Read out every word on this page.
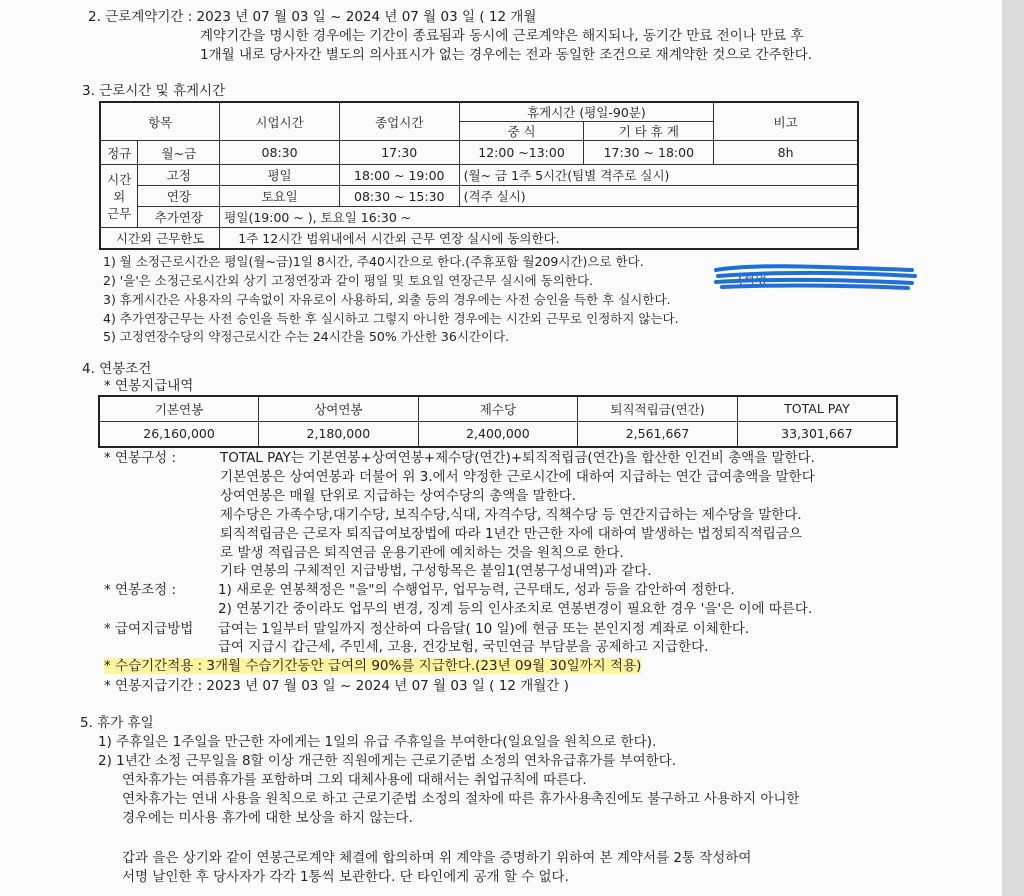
2. 근로계약기간 : 2023 년 07 월 03 일 ~ 2024 년 07 월 03 일 ( 12 개월
계약기간을 명시한 경우에는 기간이 종료됨과 동시에 근로계약은 해지되나, 동기간 만료 전이나 만료 후
1개월 내로 당사자간 별도의 의사표시가 없는 경우에는 전과 동일한 조건으로 재계약한 것으로 간주한다.
3. 근로시간 및 휴게시간
항목		시업시간	종업시간	휴게시간 (평일-90분)		비고
				중 식	기 타 휴 게	
정규	월~금	08:30	17:30	12:00 ~13:00	17:30 ~ 18:00	8h

시간
외
근무	고정	평일	18:00 ~ 19:00	(월~ 금 1주 5시간(팀별 격주로 실시)		
	연장	토요일	08:30 ~ 15:30	(격주 실시)		
	추가연장	평일(19:00 ~ ), 토요일 16:30 ~				
시간외 근무한도		1주 12시간 범위내에서 시간외 근무 연장 실시에 동의한다.				
1) 월 소정근로시간은 평일(월~금)1일 8시간, 주40시간으로 한다.(주휴포함 월209시간)으로 한다.
2) '을'은 소정근로시간외 상기 고정연장과 같이 평일 및 토요일 연장근무 실시에 동의한다.
3) 휴게시간은 사용자의 구속없이 자유로이 사용하되, 외출 등의 경우에는 사전 승인을 득한 후 실시한다.
4) 추가연장근무는 사전 승인을 득한 후 실시하고 그렇지 아니한 경우에는 시간외 근무로 인정하지 않는다.
5) 고정연장수당의 약정근로시간 수는 24시간을 50% 가산한 36시간이다.
(서명
4. 연봉조건
* 연봉지급내역
기본연봉	상여연봉	제수당	퇴직적립금(연간)	TOTAL PAY
26,160,000	2,180,000	2,400,000	2,561,667	33,301,667
* 연봉구성 :	TOTAL PAY는 기본연봉+상여연봉+제수당(연간)+퇴직적립금(연간)을 합산한 인건비 총액을 말한다.
기본연봉은 상여연봉과 더불어 위 3.에서 약정한 근로시간에 대하여 지급하는 연간 급여총액을 말한다
상여연봉은 매월 단위로 지급하는 상여수당의 총액을 말한다.
제수당은 가족수당,대기수당, 보직수당,식대, 자격수당, 직책수당 등 연간지급하는 제수당을 말한다.
퇴직적립금은 근로자 퇴직급여보장법에 따라 1년간 만근한 자에 대하여 발생하는 법정퇴직적립금으
로 발생 적립금은 퇴직연금 운용기관에 예치하는 것을 원칙으로 한다.
기타 연봉의 구체적인 지급방법, 구성항목은 붙임1(연봉구성내역)과 같다.
* 연봉조정 :	1) 새로운 연봉책정은 "을"의 수행업무, 업무능력, 근무태도, 성과 등을 감안하여 정한다.
2) 연봉기간 중이라도 업무의 변경, 징계 등의 인사조치로 연봉변경이 필요한 경우 '을'은 이에 따른다.
* 급여지급방법 급여는 1일부터 말일까지 정산하여 다음달( 10 일)에 현금 또는 본인지정 계좌로 이체한다.
급여 지급시 갑근세, 주민세, 고용, 건강보험, 국민연금 부담분을 공제하고 지급한다.
* 수습기간적용 : 3개월 수습기간동안 급여의 90%를 지급한다.(23년 09월 30일까지 적용)
* 연봉지급기간 : 2023 년 07 월 03 일 ~ 2024 년 07 월 03 일 ( 12 개월간 )
5. 휴가 휴일
1) 주휴일은 1주일을 만근한 자에게는 1일의 유급 주휴일을 부여한다(일요일을 원칙으로 한다).
2) 1년간 소정 근무일을 8할 이상 개근한 직원에게는 근로기준법 소정의 연차유급휴가를 부여한다.
연차휴가는 여름휴가를 포함하며 그외 대체사용에 대해서는 취업규칙에 따른다.
연차휴가는 연내 사용을 원칙으로 하고 근로기준법 소정의 절차에 따른 휴가사용촉진에도 불구하고 사용하지 아니한
경우에는 미사용 휴가에 대한 보상을 하지 않는다.
갑과 을은 상기와 같이 연봉근로계약 체결에 합의하며 위 계약을 증명하기 위하여 본 계약서를 2통 작성하여
서명 날인한 후 당사자가 각각 1통씩 보관한다. 단 타인에게 공개 할 수 없다.
